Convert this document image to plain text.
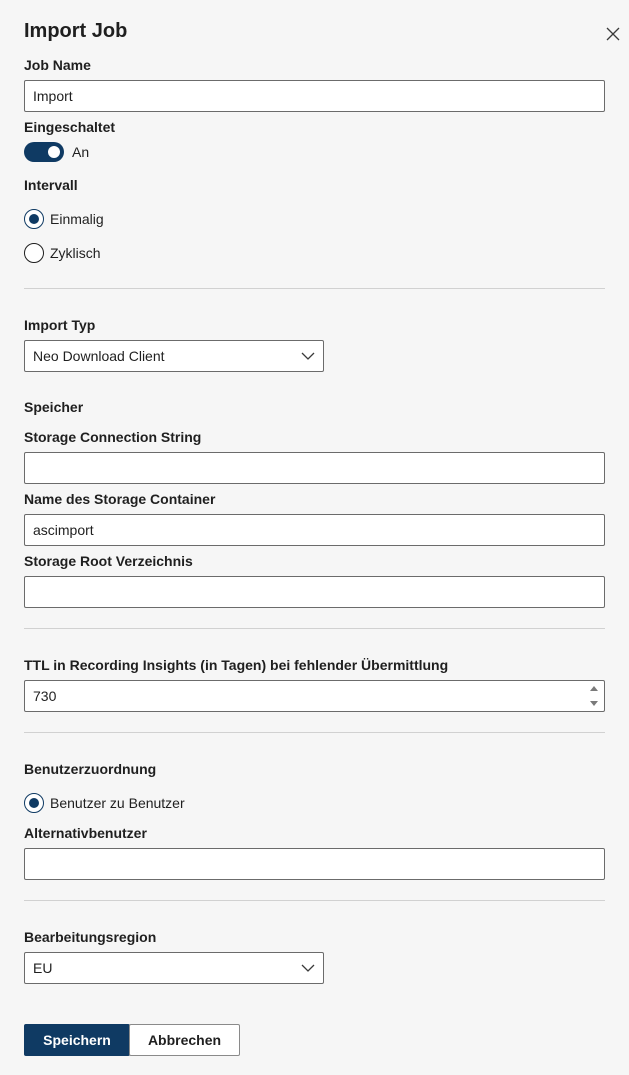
Import Job
Job Name
Import
Eingeschaltet
An
Intervall
Einmalig
Zyklisch
Import Typ
Neo Download Client
Speicher
Storage Connection String
Name des Storage Container
ascimport
Storage Root Verzeichnis
TTL in Recording Insights (in Tagen) bei fehlender Übermittlung
730
Benutzerzuordnung
Benutzer zu Benutzer
Alternativbenutzer
Bearbeitungsregion
EU
Speichern	Abbrechen
